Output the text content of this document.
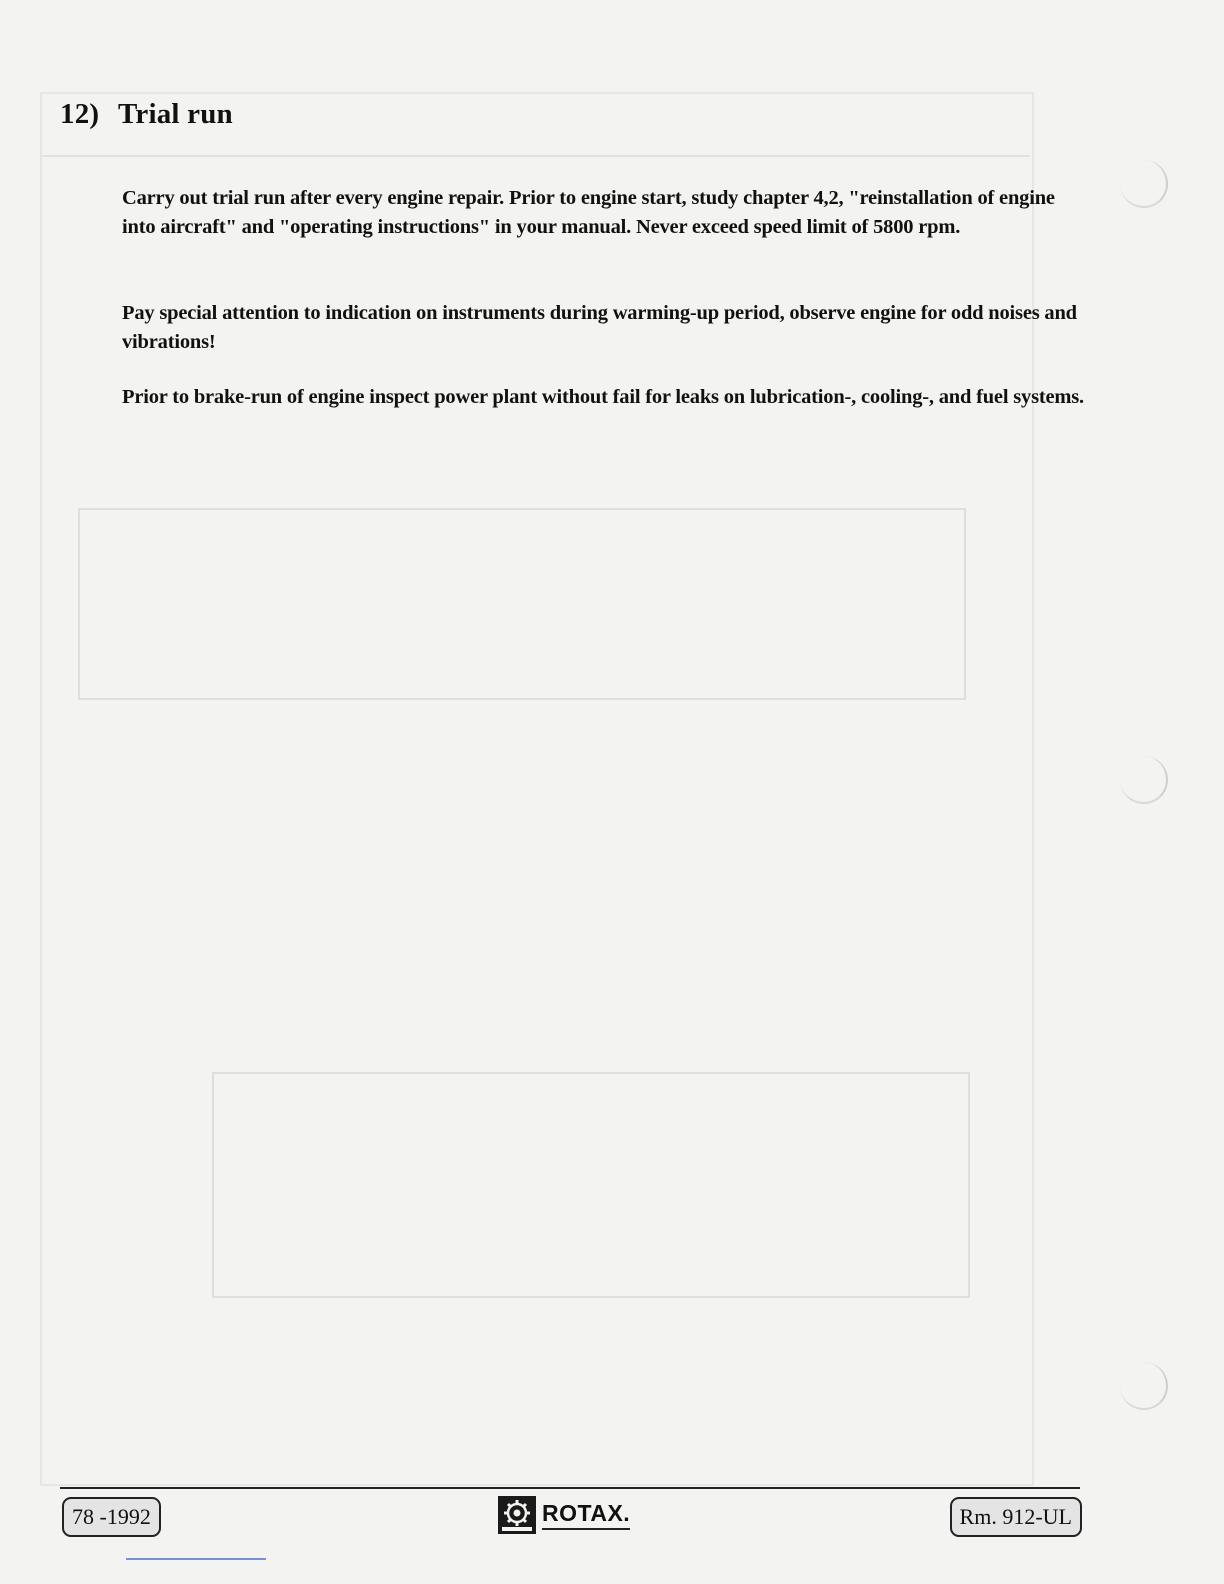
12) Trial run

Carry out trial run after every engine repair. Prior to engine start, study chapter 4,2, "reinstallation of engine into aircraft" and "operating instructions" in your manual. Never exceed speed limit of 5800 rpm.

Pay special attention to indication on instruments during warming-up period, observe engine for odd noises and vibrations!

Prior to brake-run of engine inspect power plant without fail for leaks on lubrication-, cooling-, and fuel systems.

78 -1992	ROTAX.	Rm. 912-UL
